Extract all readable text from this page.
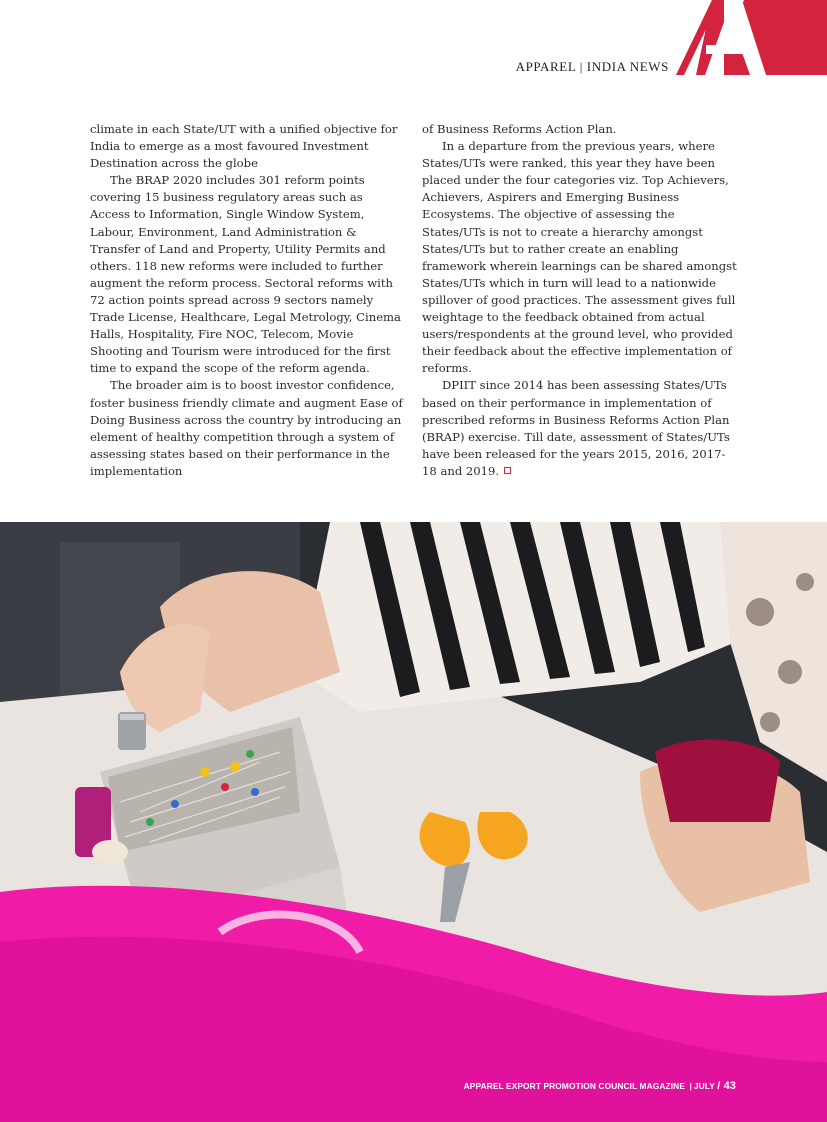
APPAREL | INDIA NEWS

climate in each State/UT with a unified objective for India to emerge as a most favoured Investment Destination across the globe

The BRAP 2020 includes 301 reform points covering 15 business regulatory areas such as Access to Information, Single Window System, Labour, Environment, Land Administration & Transfer of Land and Property, Utility Permits and others. 118 new reforms were included to further augment the reform process. Sectoral reforms with 72 action points spread across 9 sectors namely Trade License, Healthcare, Legal Metrology, Cinema Halls, Hospitality, Fire NOC, Telecom, Movie Shooting and Tourism were introduced for the first time to expand the scope of the reform agenda.

The broader aim is to boost investor confidence, foster business friendly climate and augment Ease of Doing Business across the country by introducing an element of healthy competition through a system of assessing states based on their performance in the implementation

of Business Reforms Action Plan.

In a departure from the previous years, where States/UTs were ranked, this year they have been placed under the four categories viz. Top Achievers, Achievers, Aspirers and Emerging Business Ecosystems. The objective of assessing the States/UTs is not to create a hierarchy amongst States/UTs but to rather create an enabling framework wherein learnings can be shared amongst States/UTs which in turn will lead to a nationwide spillover of good practices. The assessment gives full weightage to the feedback obtained from actual users/respondents at the ground level, who provided their feedback about the effective implementation of reforms.

DPIIT since 2014 has been assessing States/UTs based on their performance in implementation of prescribed reforms in Business Reforms Action Plan (BRAP) exercise. Till date, assessment of States/UTs have been released for the years 2015, 2016, 2017-18 and 2019.

APPAREL EXPORT PROMOTION COUNCIL MAGAZINE | JULY / 43
